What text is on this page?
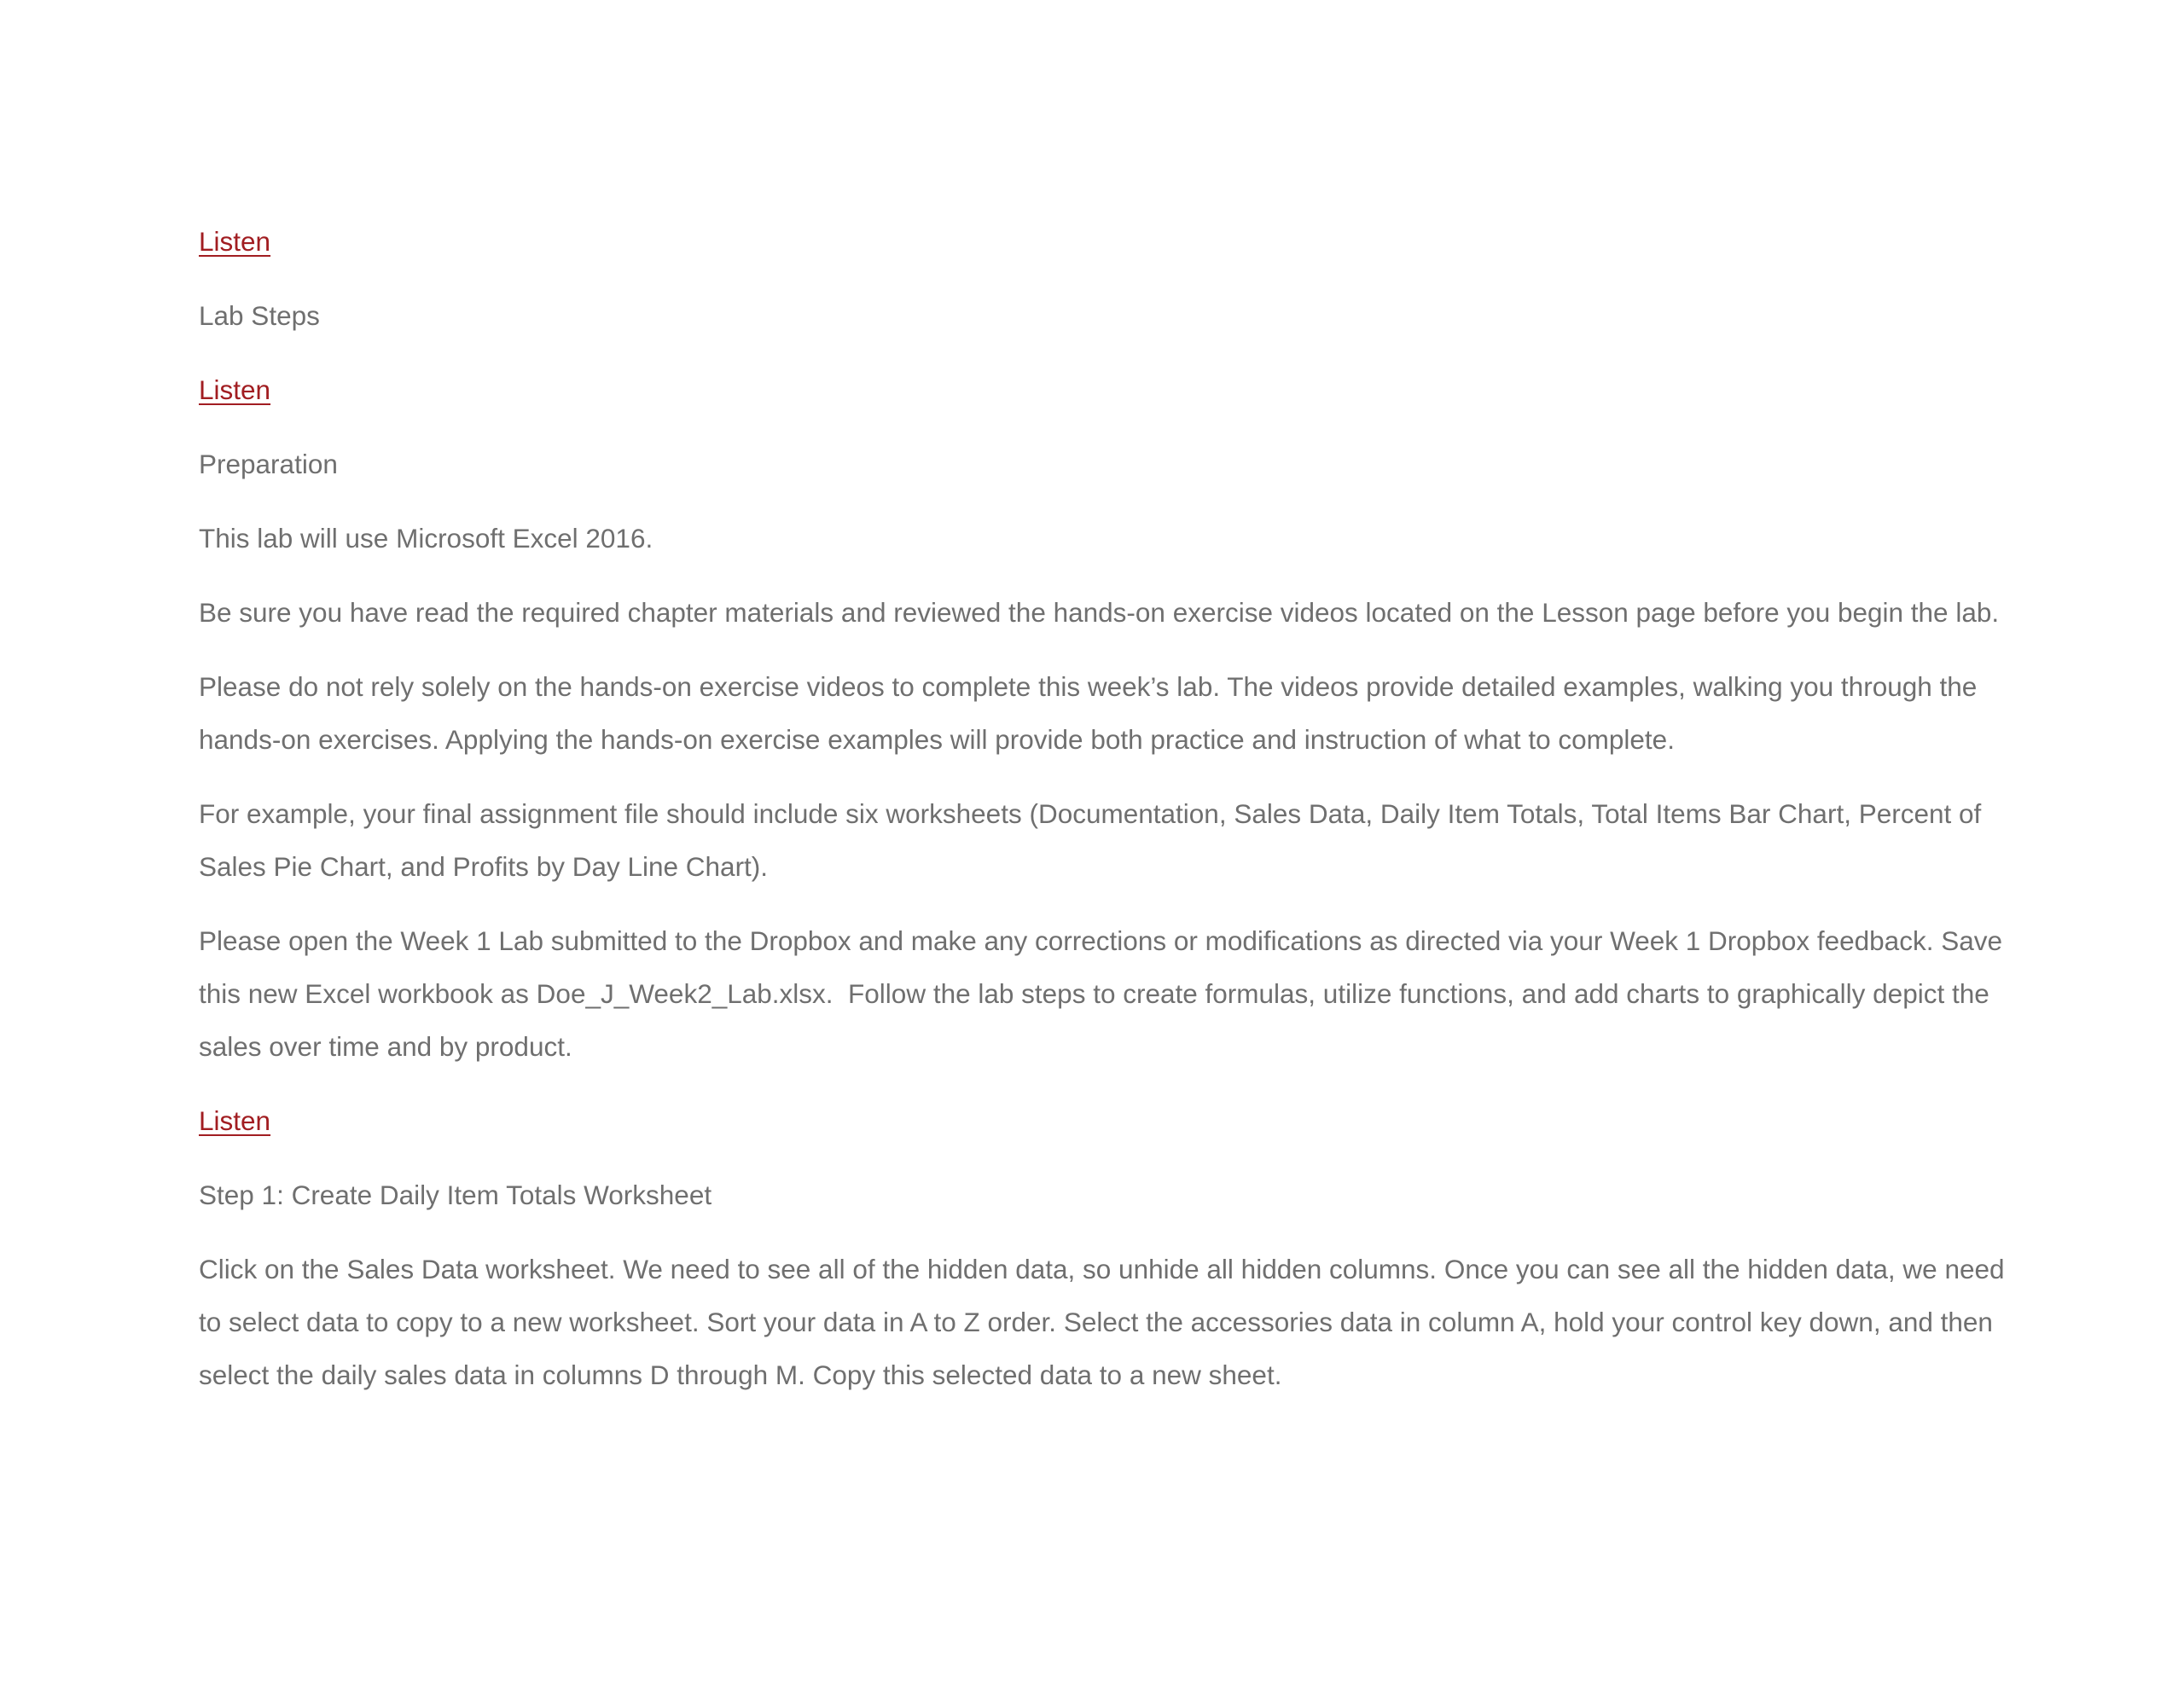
Listen

Lab Steps

Listen

Preparation

This lab will use Microsoft Excel 2016.

Be sure you have read the required chapter materials and reviewed the hands-on exercise videos located on the Lesson page before you begin the lab.

Please do not rely solely on the hands-on exercise videos to complete this week’s lab. The videos provide detailed examples, walking you through the hands-on exercises. Applying the hands-on exercise examples will provide both practice and instruction of what to complete.

For example, your final assignment file should include six worksheets (Documentation, Sales Data, Daily Item Totals, Total Items Bar Chart, Percent of Sales Pie Chart, and Profits by Day Line Chart).

Please open the Week 1 Lab submitted to the Dropbox and make any corrections or modifications as directed via your Week 1 Dropbox feedback. Save this new Excel workbook as Doe_J_Week2_Lab.xlsx.  Follow the lab steps to create formulas, utilize functions, and add charts to graphically depict the sales over time and by product.

Listen

Step 1: Create Daily Item Totals Worksheet

Click on the Sales Data worksheet. We need to see all of the hidden data, so unhide all hidden columns. Once you can see all the hidden data, we need to select data to copy to a new worksheet. Sort your data in A to Z order. Select the accessories data in column A, hold your control key down, and then select the daily sales data in columns D through M. Copy this selected data to a new sheet.
